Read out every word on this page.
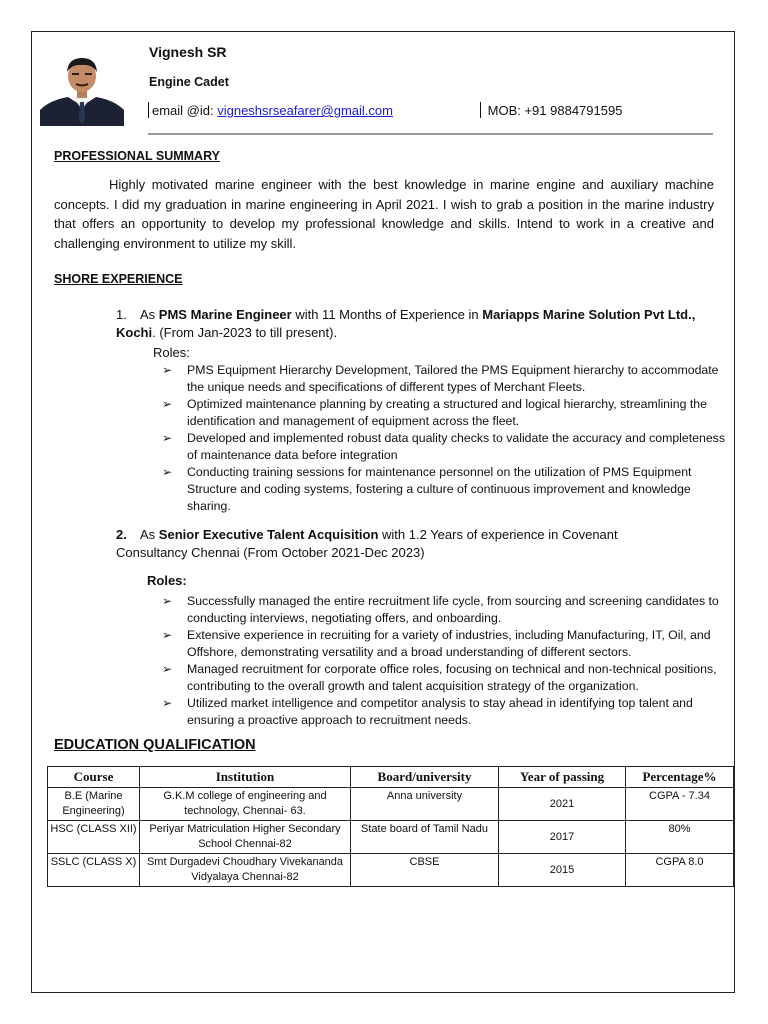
Vignesh SR
Engine Cadet
email @id: vigneshsrseafarer@gmail.com	MOB: +91 9884791595
PROFESSIONAL SUMMARY
Highly motivated marine engineer with the best knowledge in marine engine and auxiliary machine concepts. I did my graduation in marine engineering in April 2021. I wish to grab a position in the marine industry that offers an opportunity to develop my professional knowledge and skills. Intend to work in a creative and challenging environment to utilize my skill.
SHORE EXPERIENCE
1. As PMS Marine Engineer with 11 Months of Experience in Mariapps Marine Solution Pvt Ltd., Kochi. (From Jan-2023 to till present).
Roles:
➢ PMS Equipment Hierarchy Development, Tailored the PMS Equipment hierarchy to accommodate the unique needs and specifications of different types of Merchant Fleets.
➢ Optimized maintenance planning by creating a structured and logical hierarchy, streamlining the identification and management of equipment across the fleet.
➢ Developed and implemented robust data quality checks to validate the accuracy and completeness of maintenance data before integration
➢ Conducting training sessions for maintenance personnel on the utilization of PMS Equipment Structure and coding systems, fostering a culture of continuous improvement and knowledge sharing.
2. As Senior Executive Talent Acquisition with 1.2 Years of experience in Covenant Consultancy Chennai (From October 2021-Dec 2023)
Roles:
➢ Successfully managed the entire recruitment life cycle, from sourcing and screening candidates to conducting interviews, negotiating offers, and onboarding.
➢ Extensive experience in recruiting for a variety of industries, including Manufacturing, IT, Oil, and Offshore, demonstrating versatility and a broad understanding of different sectors.
➢ Managed recruitment for corporate office roles, focusing on technical and non-technical positions, contributing to the overall growth and talent acquisition strategy of the organization.
➢ Utilized market intelligence and competitor analysis to stay ahead in identifying top talent and ensuring a proactive approach to recruitment needs.
EDUCATION QUALIFICATION
Course	Institution	Board/university	Year of passing	Percentage%
B.E (Marine Engineering)	G.K.M college of engineering and technology, Chennai- 63.	Anna university	2021	CGPA - 7.34
HSC (CLASS XII)	Periyar Matriculation Higher Secondary School Chennai-82	State board of Tamil Nadu	2017	80%
SSLC (CLASS X)	Smt Durgadevi Choudhary Vivekananda Vidyalaya Chennai-82	CBSE	2015	CGPA 8.0
